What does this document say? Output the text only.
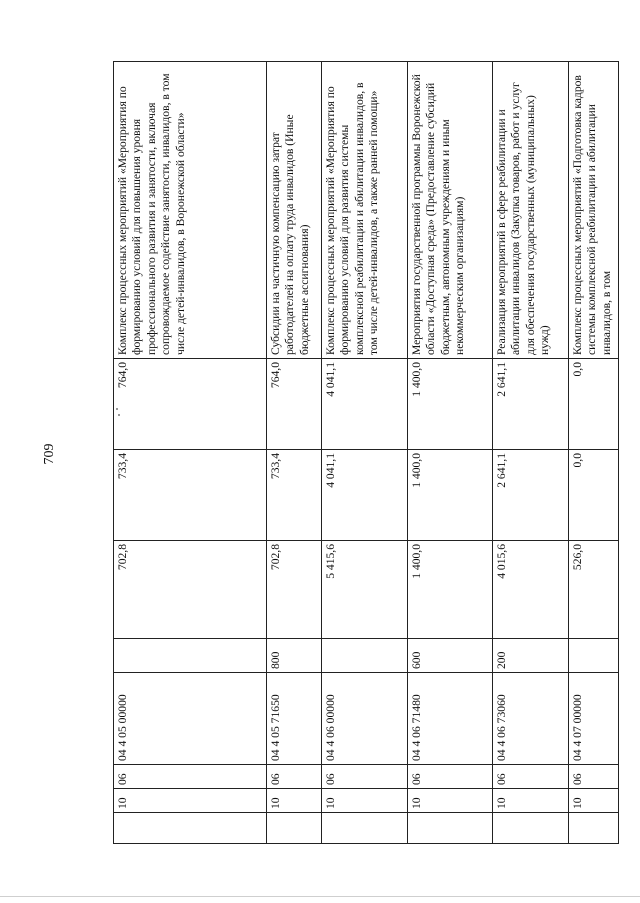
709
	10	06	04 4 05 00000		702,8	733,4	764,0	Комплекс процессных мероприятий «Мероприятия по формированию условий для повышения уровня профессионального развития и занятости, включая сопровождаемое содействие занятости, инвалидов, в том числе детей-инвалидов, в Воронежской области»
	10	06	04 4 05 71650	800	702,8	733,4	764,0	Субсидии на частичную компенсацию затрат работодателей на оплату труда инвалидов (Иные бюджетные ассигнования)
	10	06	04 4 06 00000		5 415,6	4 041,1	4 041,1	Комплекс процессных мероприятий «Мероприятия по формированию условий для развития системы комплексной реабилитации и абилитации инвалидов, в том числе детей-инвалидов, а также ранней помощи»
	10	06	04 4 06 71480	600	1 400,0	1 400,0	1 400,0	Мероприятия государственной программы Воронежской области «Доступная среда» (Предоставление субсидий бюджетным, автономным учреждениям и иным некоммерческим организациям)
	10	06	04 4 06 73060	200	4 015,6	2 641,1	2 641,1	Реализация мероприятий в сфере реабилитации и абилитации инвалидов (Закупка товаров, работ и услуг для обеспечения государственных (муниципальных) нужд)
	10	06	04 4 07 00000		526,0	0,0	0,0	Комплекс процессных мероприятий «Подготовка кадров системы комплексной реабилитации и абилитации инвалидов, в том
